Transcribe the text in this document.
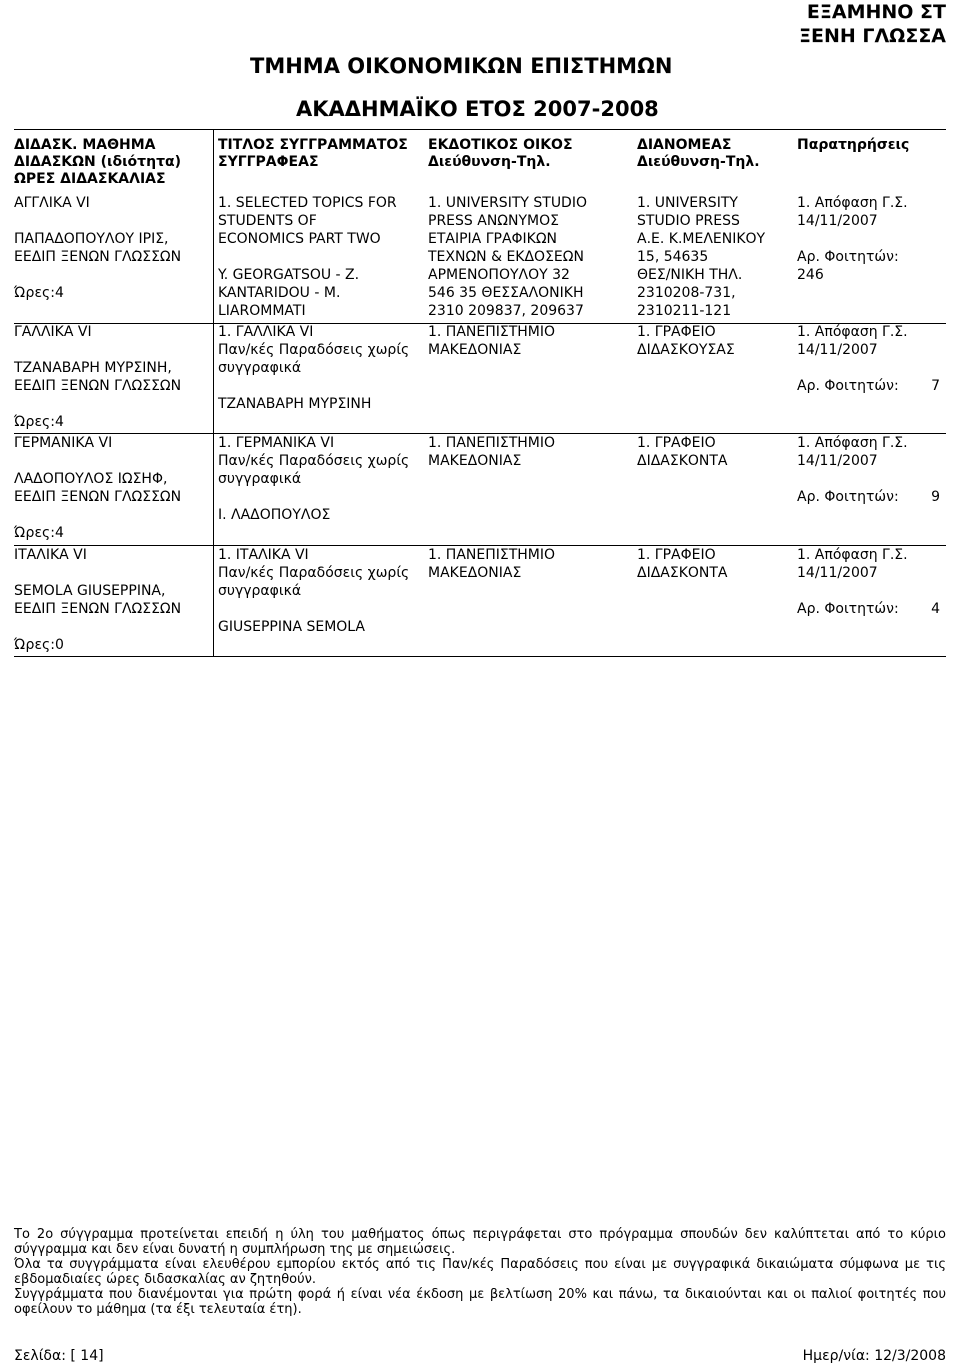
ΕΞΑΜΗΝΟ ΣΤ
ΞΕΝΗ ΓΛΩΣΣΑ
ΤΜΗΜΑ ΟΙΚΟΝΟΜΙΚΩΝ ΕΠΙΣΤΗΜΩΝ
ΑΚΑΔΗΜΑΪΚΟ ΕΤΟΣ 2007-2008
ΔΙΔΑΣΚ. ΜΑΘΗΜΑ
ΔΙΔΑΣΚΩΝ (ιδιότητα)
ΩΡΕΣ ΔΙΔΑΣΚΑΛΙΑΣ
ΤΙΤΛΟΣ ΣΥΓΓΡΑΜΜΑΤΟΣ
ΣΥΓΓΡΑΦΕΑΣ
ΕΚΔΟΤΙΚΟΣ ΟΙΚΟΣ
Διεύθυνση-Τηλ.
ΔΙΑΝΟΜΕΑΣ
Διεύθυνση-Τηλ.
Παρατηρήσεις

ΑΓΓΛΙΚΑ VI

ΠΑΠΑΔΟΠΟΥΛΟΥ ΙΡΙΣ,

ΕΕΔΙΠ ΞΕΝΩΝ ΓΛΩΣΣΩΝ

Ώρες:4

1. SELECTED TOPICS FOR

STUDENTS OF

ECONOMICS PART TWO

Y. GEORGATSOU - Z.

KANTARIDOU - M.

LIAROMMATI

1. UNIVERSITY STUDIO

PRESS ΑΝΩΝΥΜΟΣ

ΕΤΑΙΡΙΑ ΓΡΑΦΙΚΩΝ

ΤΕΧΝΩΝ & ΕΚΔΟΣΕΩΝ

ΑΡΜΕΝΟΠΟΥΛΟΥ 32

546 35 ΘΕΣΣΑΛΟΝΙΚΗ

2310 209837, 209637

1. UNIVERSITY

STUDIO PRESS

Α.Ε. Κ.ΜΕΛΕΝΙΚΟΥ

15, 54635

ΘΕΣ/ΝΙΚΗ ΤΗΛ.

2310208-731,

2310211-121

1. Απόφαση Γ.Σ.

14/11/2007

Αρ. Φοιτητών:

246

ΓΑΛΛΙΚΑ VI

ΤΖΑΝΑΒΑΡΗ ΜΥΡΣΙΝΗ,

ΕΕΔΙΠ ΞΕΝΩΝ ΓΛΩΣΣΩΝ

Ώρες:4

1. ΓΑΛΛΙΚΑ VI

Παν/κές Παραδόσεις χωρίς

συγγραφικά

ΤΖΑΝΑΒΑΡΗ ΜΥΡΣΙΝΗ

1. ΠΑΝΕΠΙΣΤΗΜΙΟ

ΜΑΚΕΔΟΝΙΑΣ

1. ΓΡΑΦΕΙΟ

ΔΙΔΑΣΚΟΥΣΑΣ

1. Απόφαση Γ.Σ.

14/11/2007

Αρ. Φοιτητών: 7

ΓΕΡΜΑΝΙΚΑ VI

ΛΑΔΟΠΟΥΛΟΣ ΙΩΣΗΦ,

ΕΕΔΙΠ ΞΕΝΩΝ ΓΛΩΣΣΩΝ

Ώρες:4

1. ΓΕΡΜΑΝΙΚΑ VI

Παν/κές Παραδόσεις χωρίς

συγγραφικά

Ι. ΛΑΔΟΠΟΥΛΟΣ

1. ΠΑΝΕΠΙΣΤΗΜΙΟ

ΜΑΚΕΔΟΝΙΑΣ

1. ΓΡΑΦΕΙΟ

ΔΙΔΑΣΚΟΝΤΑ

1. Απόφαση Γ.Σ.

14/11/2007

Αρ. Φοιτητών: 9

ΙΤΑΛΙΚΑ VI

SEMOLA GIUSEPPINA,

ΕΕΔΙΠ ΞΕΝΩΝ ΓΛΩΣΣΩΝ

Ώρες:0

1. ΙΤΑΛΙΚΑ VI

Παν/κές Παραδόσεις χωρίς

συγγραφικά

GIUSEPPINA SEMOLA

1. ΠΑΝΕΠΙΣΤΗΜΙΟ

ΜΑΚΕΔΟΝΙΑΣ

1. ΓΡΑΦΕΙΟ

ΔΙΔΑΣΚΟΝΤΑ

1. Απόφαση Γ.Σ.

14/11/2007

Αρ. Φοιτητών: 4

Το 2ο σύγγραμμα προτείνεται επειδή η ύλη του μαθήματος όπως περιγράφεται στο πρόγραμμα σπουδών δεν καλύπτεται από το κύριο σύγγραμμα και δεν είναι δυνατή η συμπλήρωση της με σημειώσεις.

Όλα τα συγγράμματα είναι ελευθέρου εμπορίου εκτός από τις Παν/κές Παραδόσεις που είναι με συγγραφικά δικαιώματα σύμφωνα με τις εβδομαδιαίες ώρες διδασκαλίας αν ζητηθούν.

Συγγράμματα που διανέμονται για πρώτη φορά ή είναι νέα έκδοση με βελτίωση 20% και πάνω, τα δικαιούνται και οι παλιοί φοιτητές που οφείλουν το μάθημα (τα έξι τελευταία έτη).

Σελίδα: [ 14]	Ημερ/νία: 12/3/2008
